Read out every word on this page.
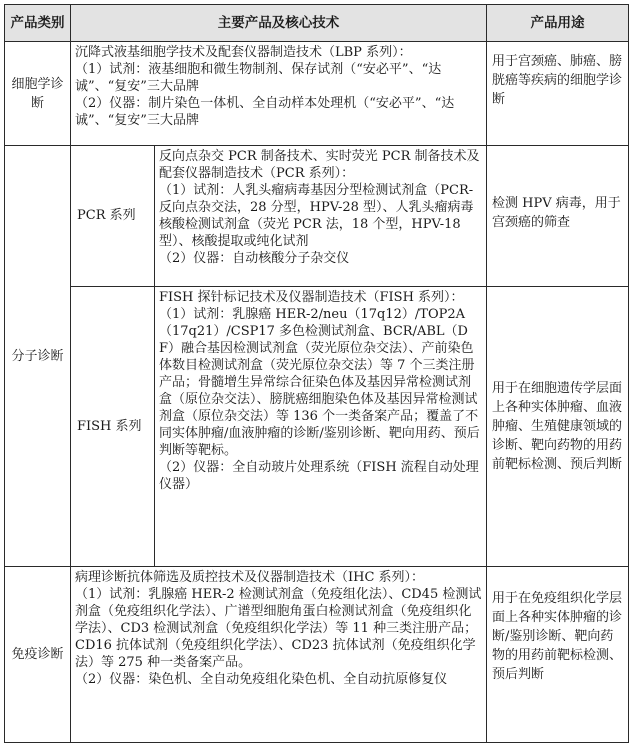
产品类别	主要产品及核心技术		产品用途
细胞学诊断	沉降式液基细胞学技术及配套仪器制造技术（LBP 系列）：
（1）试剂：液基细胞和微生物制剂、保存试剂（“安必平”、“达诚”、“复安”三大品牌
（2）仪器：制片染色一体机、全自动样本处理机（“安必平”、“达诚”、“复安”三大品牌		用于宫颈癌、肺癌、膀胱癌等疾病的细胞学诊断
分子诊断	PCR 系列	反向点杂交 PCR 制备技术、实时荧光 PCR 制备技术及配套仪器制造技术（PCR 系列）：
（1）试剂：人乳头瘤病毒基因分型检测试剂盒（PCR-反向点杂交法，28 分型，HPV-28 型）、人乳头瘤病毒核酸检测试剂盒（荧光 PCR 法，18 个型，HPV-18 型）、核酸提取或纯化试剂
（2）仪器：自动核酸分子杂交仪	检测 HPV 病毒，用于宫颈癌的筛查
	FISH 系列	FISH 探针标记技术及仪器制造技术（FISH 系列）：
（1）试剂：乳腺癌 HER-2/neu（17q12）/TOP2A（17q21）/CSP17 多色检测试剂盒、BCR/ABL（DF）融合基因检测试剂盒（荧光原位杂交法）、产前染色体数目检测试剂盒（荧光原位杂交法）等 7 个三类注册产品；骨髓增生异常综合征染色体及基因异常检测试剂盒（原位杂交法）、膀胱癌细胞染色体及基因异常检测试剂盒（原位杂交法）等 136 个一类备案产品；覆盖了不同实体肿瘤/血液肿瘤的诊断/鉴别诊断、靶向用药、预后判断等靶标。
（2）仪器：全自动玻片处理系统（FISH 流程自动处理仪器）	用于在细胞遗传学层面上各种实体肿瘤、血液肿瘤、生殖健康领域的诊断、靶向药物的用药前靶标检测、预后判断
免疫诊断	病理诊断抗体筛选及质控技术及仪器制造技术（IHC 系列）：
（1）试剂：乳腺癌 HER-2 检测试剂盒（免疫组化法）、CD45 检测试剂盒（免疫组织化学法）、广谱型细胞角蛋白检测试剂盒（免疫组织化学法）、CD3 检测试剂盒（免疫组织化学法）等 11 种三类注册产品；CD16 抗体试剂（免疫组织化学法）、CD23 抗体试剂（免疫组织化学法）等 275 种一类备案产品。
（2）仪器：染色机、全自动免疫组化染色机、全自动抗原修复仪		用于在免疫组织化学层面上各种实体肿瘤的诊断/鉴别诊断、靶向药物的用药前靶标检测、预后判断
